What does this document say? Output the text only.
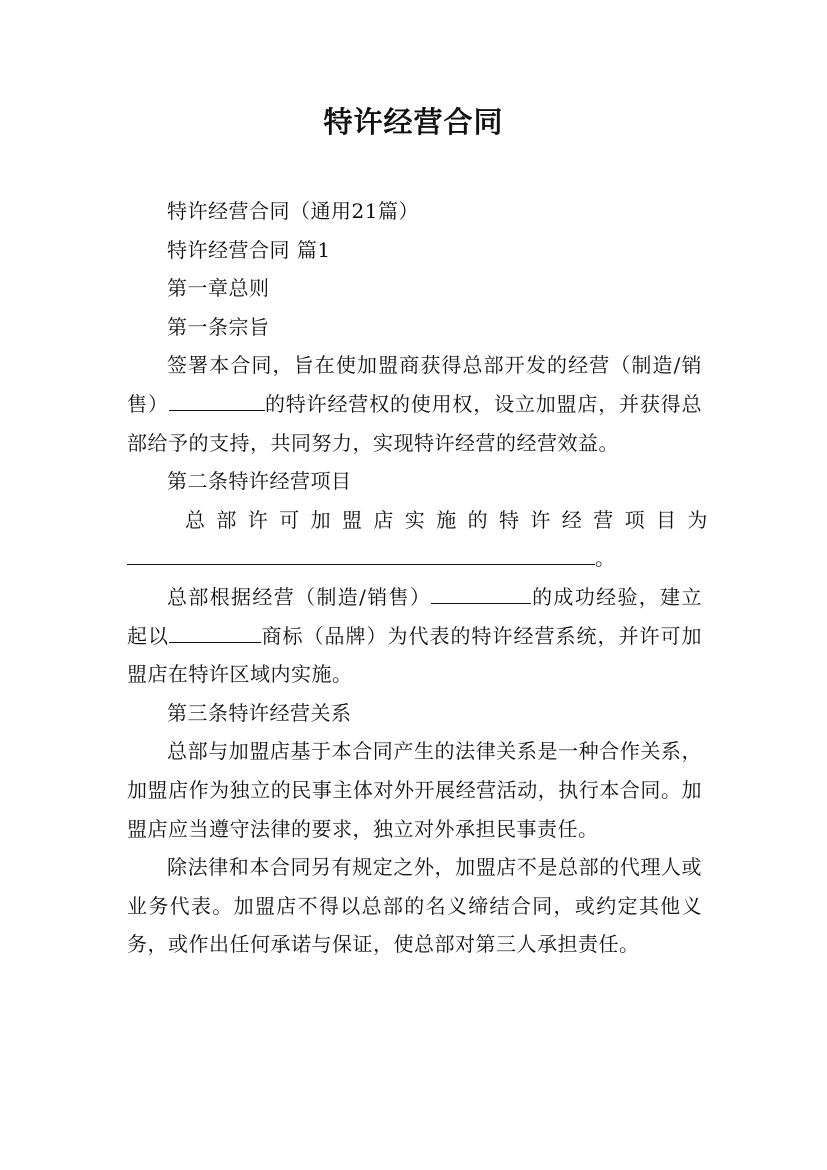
特许经营合同

特许经营合同（通用21篇）

特许经营合同 篇1

第一章总则

第一条宗旨

签署本合同，旨在使加盟商获得总部开发的经营（制造/销售）	的特许经营权的使用权，设立加盟店，并获得总部给予的支持，共同努力，实现特许经营的经营效益。

第二条特许经营项目

总部许可加盟店实施的特许经营项目为

。

总部根据经营（制造/销售）	的成功经验，建立起以	商标（品牌）为代表的特许经营系统，并许可加盟店在特许区域内实施。

第三条特许经营关系

总部与加盟店基于本合同产生的法律关系是一种合作关系，加盟店作为独立的民事主体对外开展经营活动，执行本合同。加盟店应当遵守法律的要求，独立对外承担民事责任。

除法律和本合同另有规定之外，加盟店不是总部的代理人或业务代表。加盟店不得以总部的名义缔结合同，或约定其他义务，或作出任何承诺与保证，使总部对第三人承担责任。
